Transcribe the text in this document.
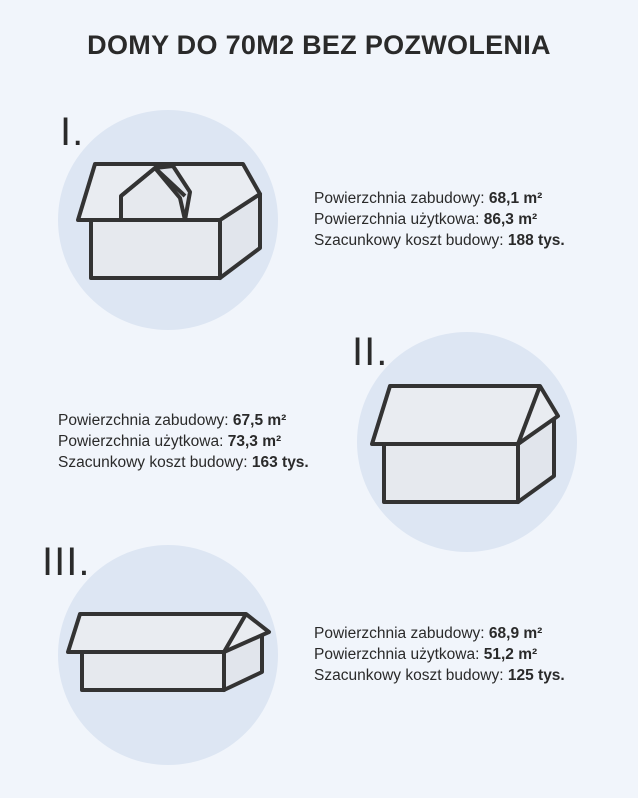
DOMY DO 70M2 BEZ POZWOLENIA
I.
Powierzchnia zabudowy: 68,1 m²
Powierzchnia użytkowa: 86,3 m²
Szacunkowy koszt budowy: 188 tys.
II.
Powierzchnia zabudowy: 67,5 m²
Powierzchnia użytkowa: 73,3 m²
Szacunkowy koszt budowy: 163 tys.
III.
Powierzchnia zabudowy: 68,9 m²
Powierzchnia użytkowa: 51,2 m²
Szacunkowy koszt budowy: 125 tys.
